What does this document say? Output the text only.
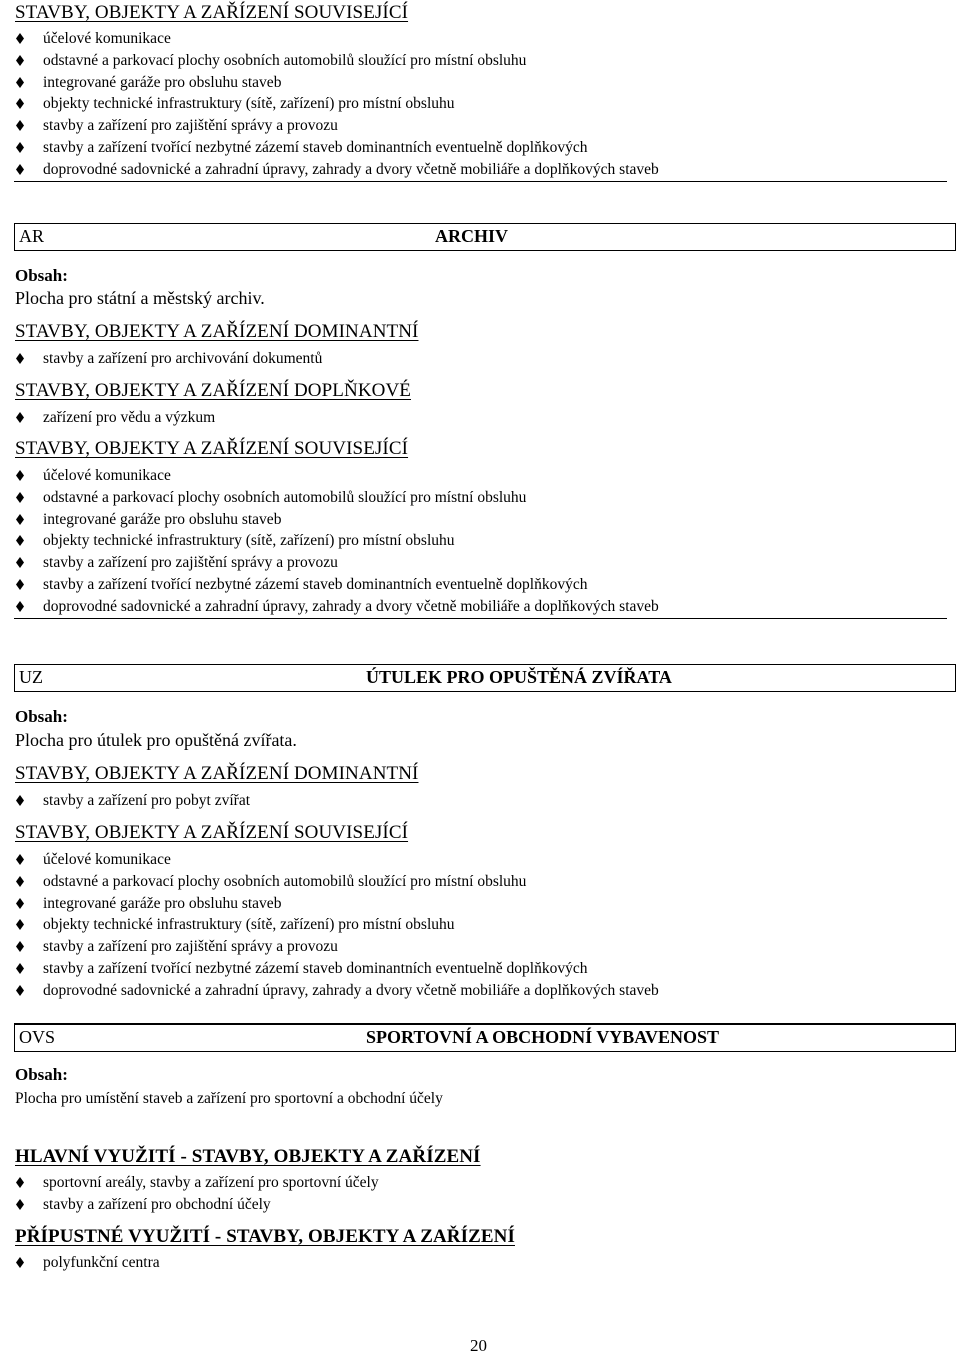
STAVBY, OBJEKTY A ZAŘÍZENÍ SOUVISEJÍCÍ
účelové komunikace
odstavné a parkovací plochy osobních automobilů sloužící pro místní obsluhu
integrované garáže pro obsluhu staveb
objekty technické infrastruktury (sítě, zařízení) pro místní obsluhu
stavby a zařízení pro zajištění správy a provozu
stavby a zařízení tvořící nezbytné zázemí staveb dominantních eventuelně doplňkových
doprovodné sadovnické a zahradní úpravy, zahrady a dvory včetně mobiliáře a doplňkových staveb
AR	ARCHIV
Obsah:
Plocha pro státní a městský archiv.
STAVBY, OBJEKTY A ZAŘÍZENÍ DOMINANTNÍ
stavby a zařízení pro archivování dokumentů
STAVBY, OBJEKTY A ZAŘÍZENÍ DOPLŇKOVÉ
zařízení pro vědu a výzkum
STAVBY, OBJEKTY A ZAŘÍZENÍ SOUVISEJÍCÍ
účelové komunikace
odstavné a parkovací plochy osobních automobilů sloužící pro místní obsluhu
integrované garáže pro obsluhu staveb
objekty technické infrastruktury (sítě, zařízení) pro místní obsluhu
stavby a zařízení pro zajištění správy a provozu
stavby a zařízení tvořící nezbytné zázemí staveb dominantních eventuelně doplňkových
doprovodné sadovnické a zahradní úpravy, zahrady a dvory včetně mobiliáře a doplňkových staveb
UZ	ÚTULEK PRO OPUŠTĚNÁ ZVÍŘATA
Obsah:
Plocha pro útulek pro opuštěná zvířata.
STAVBY, OBJEKTY A ZAŘÍZENÍ DOMINANTNÍ
stavby a zařízení pro pobyt zvířat
STAVBY, OBJEKTY A ZAŘÍZENÍ SOUVISEJÍCÍ
účelové komunikace
odstavné a parkovací plochy osobních automobilů sloužící pro místní obsluhu
integrované garáže pro obsluhu staveb
objekty technické infrastruktury (sítě, zařízení) pro místní obsluhu
stavby a zařízení pro zajištění správy a provozu
stavby a zařízení tvořící nezbytné zázemí staveb dominantních eventuelně doplňkových
doprovodné sadovnické a zahradní úpravy, zahrady a dvory včetně mobiliáře a doplňkových staveb
OVS	SPORTOVNÍ A OBCHODNÍ VYBAVENOST
Obsah:
Plocha pro umístění staveb a zařízení pro sportovní a obchodní účely
HLAVNÍ VYUŽITÍ - STAVBY, OBJEKTY A ZAŘÍZENÍ
sportovní areály, stavby a zařízení pro sportovní účely
stavby a zařízení pro obchodní účely
PŘÍPUSTNÉ VYUŽITÍ - STAVBY, OBJEKTY A ZAŘÍZENÍ
polyfunkční centra
20
